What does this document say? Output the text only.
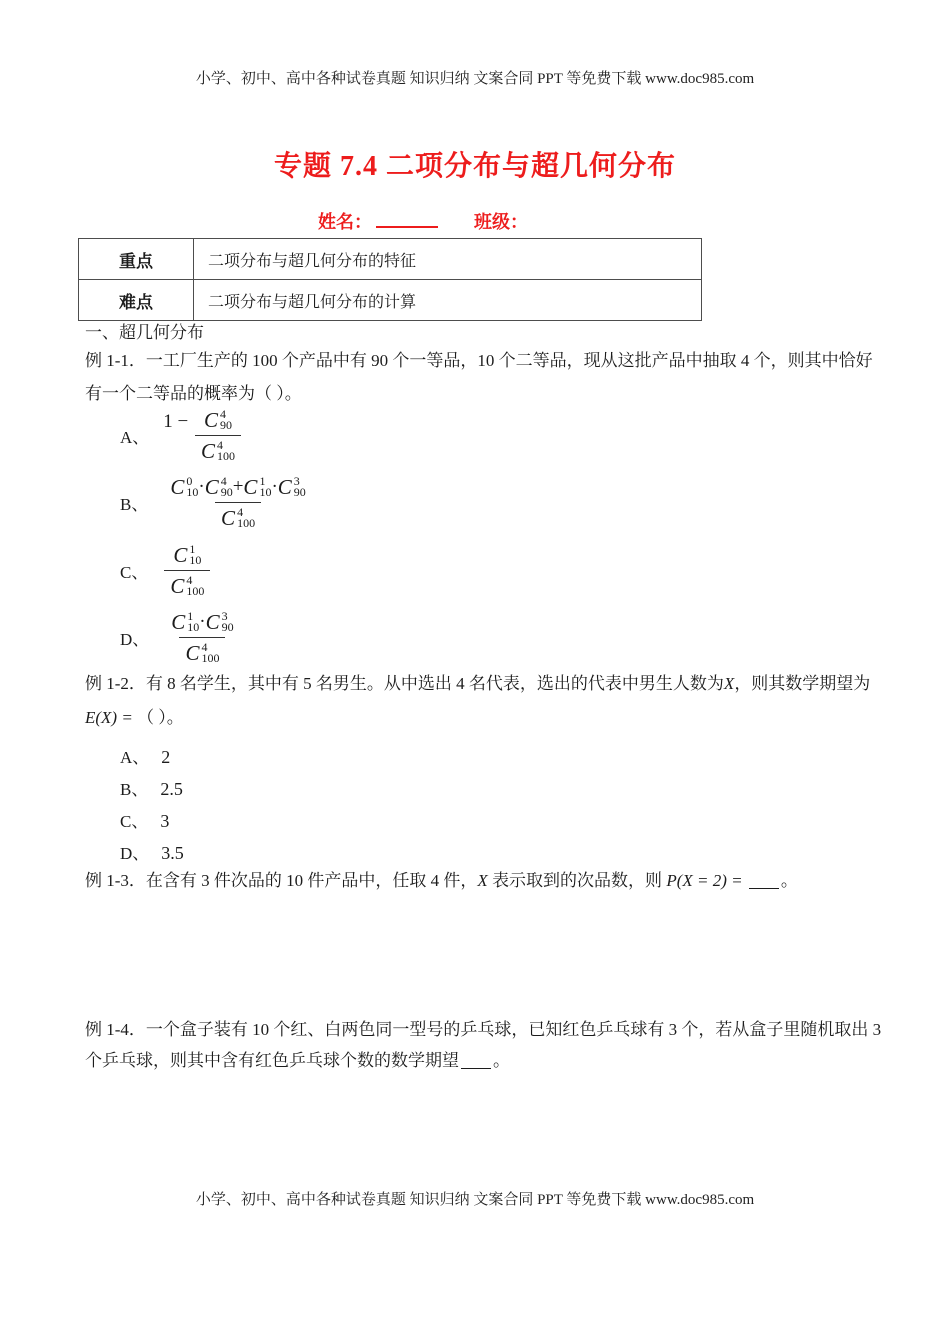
小学、初中、高中各种试卷真题 知识归纳 文案合同 PPT 等免费下载 www.doc985.com
专题 7.4 二项分布与超几何分布
姓名：	班级：
重点	二项分布与超几何分布的特征
难点	二项分布与超几何分布的计算
一、超几何分布
例 1-1．一工厂生产的 100 个产品中有 90 个一等品，10 个二等品，现从这批产品中抽取 4 个，则其中恰好
有一个二等品的概率为（ ）。
A、
1 − C 4
90
C 4
100
B、 C 0
10 · C 4
90 + C 1
10 · C 3
90
C 4
100
C、 C 1
10
C 4
100
D、 C 1
10 · C 3
90
C 4
100
例 1-2．有 8 名学生，其中有 5 名男生。从中选出 4 名代表，选出的代表中男生人数为X，则其数学期望为
E(X) = （ ）。
A、 2
B、 2.5
C、 3
D、 3.5
例 1-3．在含有 3 件次品的 10 件产品中，任取 4 件，X 表示取到的次品数，则 P(X = 2) = 。
例 1-4．一个盒子装有 10 个红、白两色同一型号的乒乓球，已知红色乒乓球有 3 个，若从盒子里随机取出 3
个乒乓球，则其中含有红色乒乓球个数的数学期望 。
小学、初中、高中各种试卷真题 知识归纳 文案合同 PPT 等免费下载 www.doc985.com
